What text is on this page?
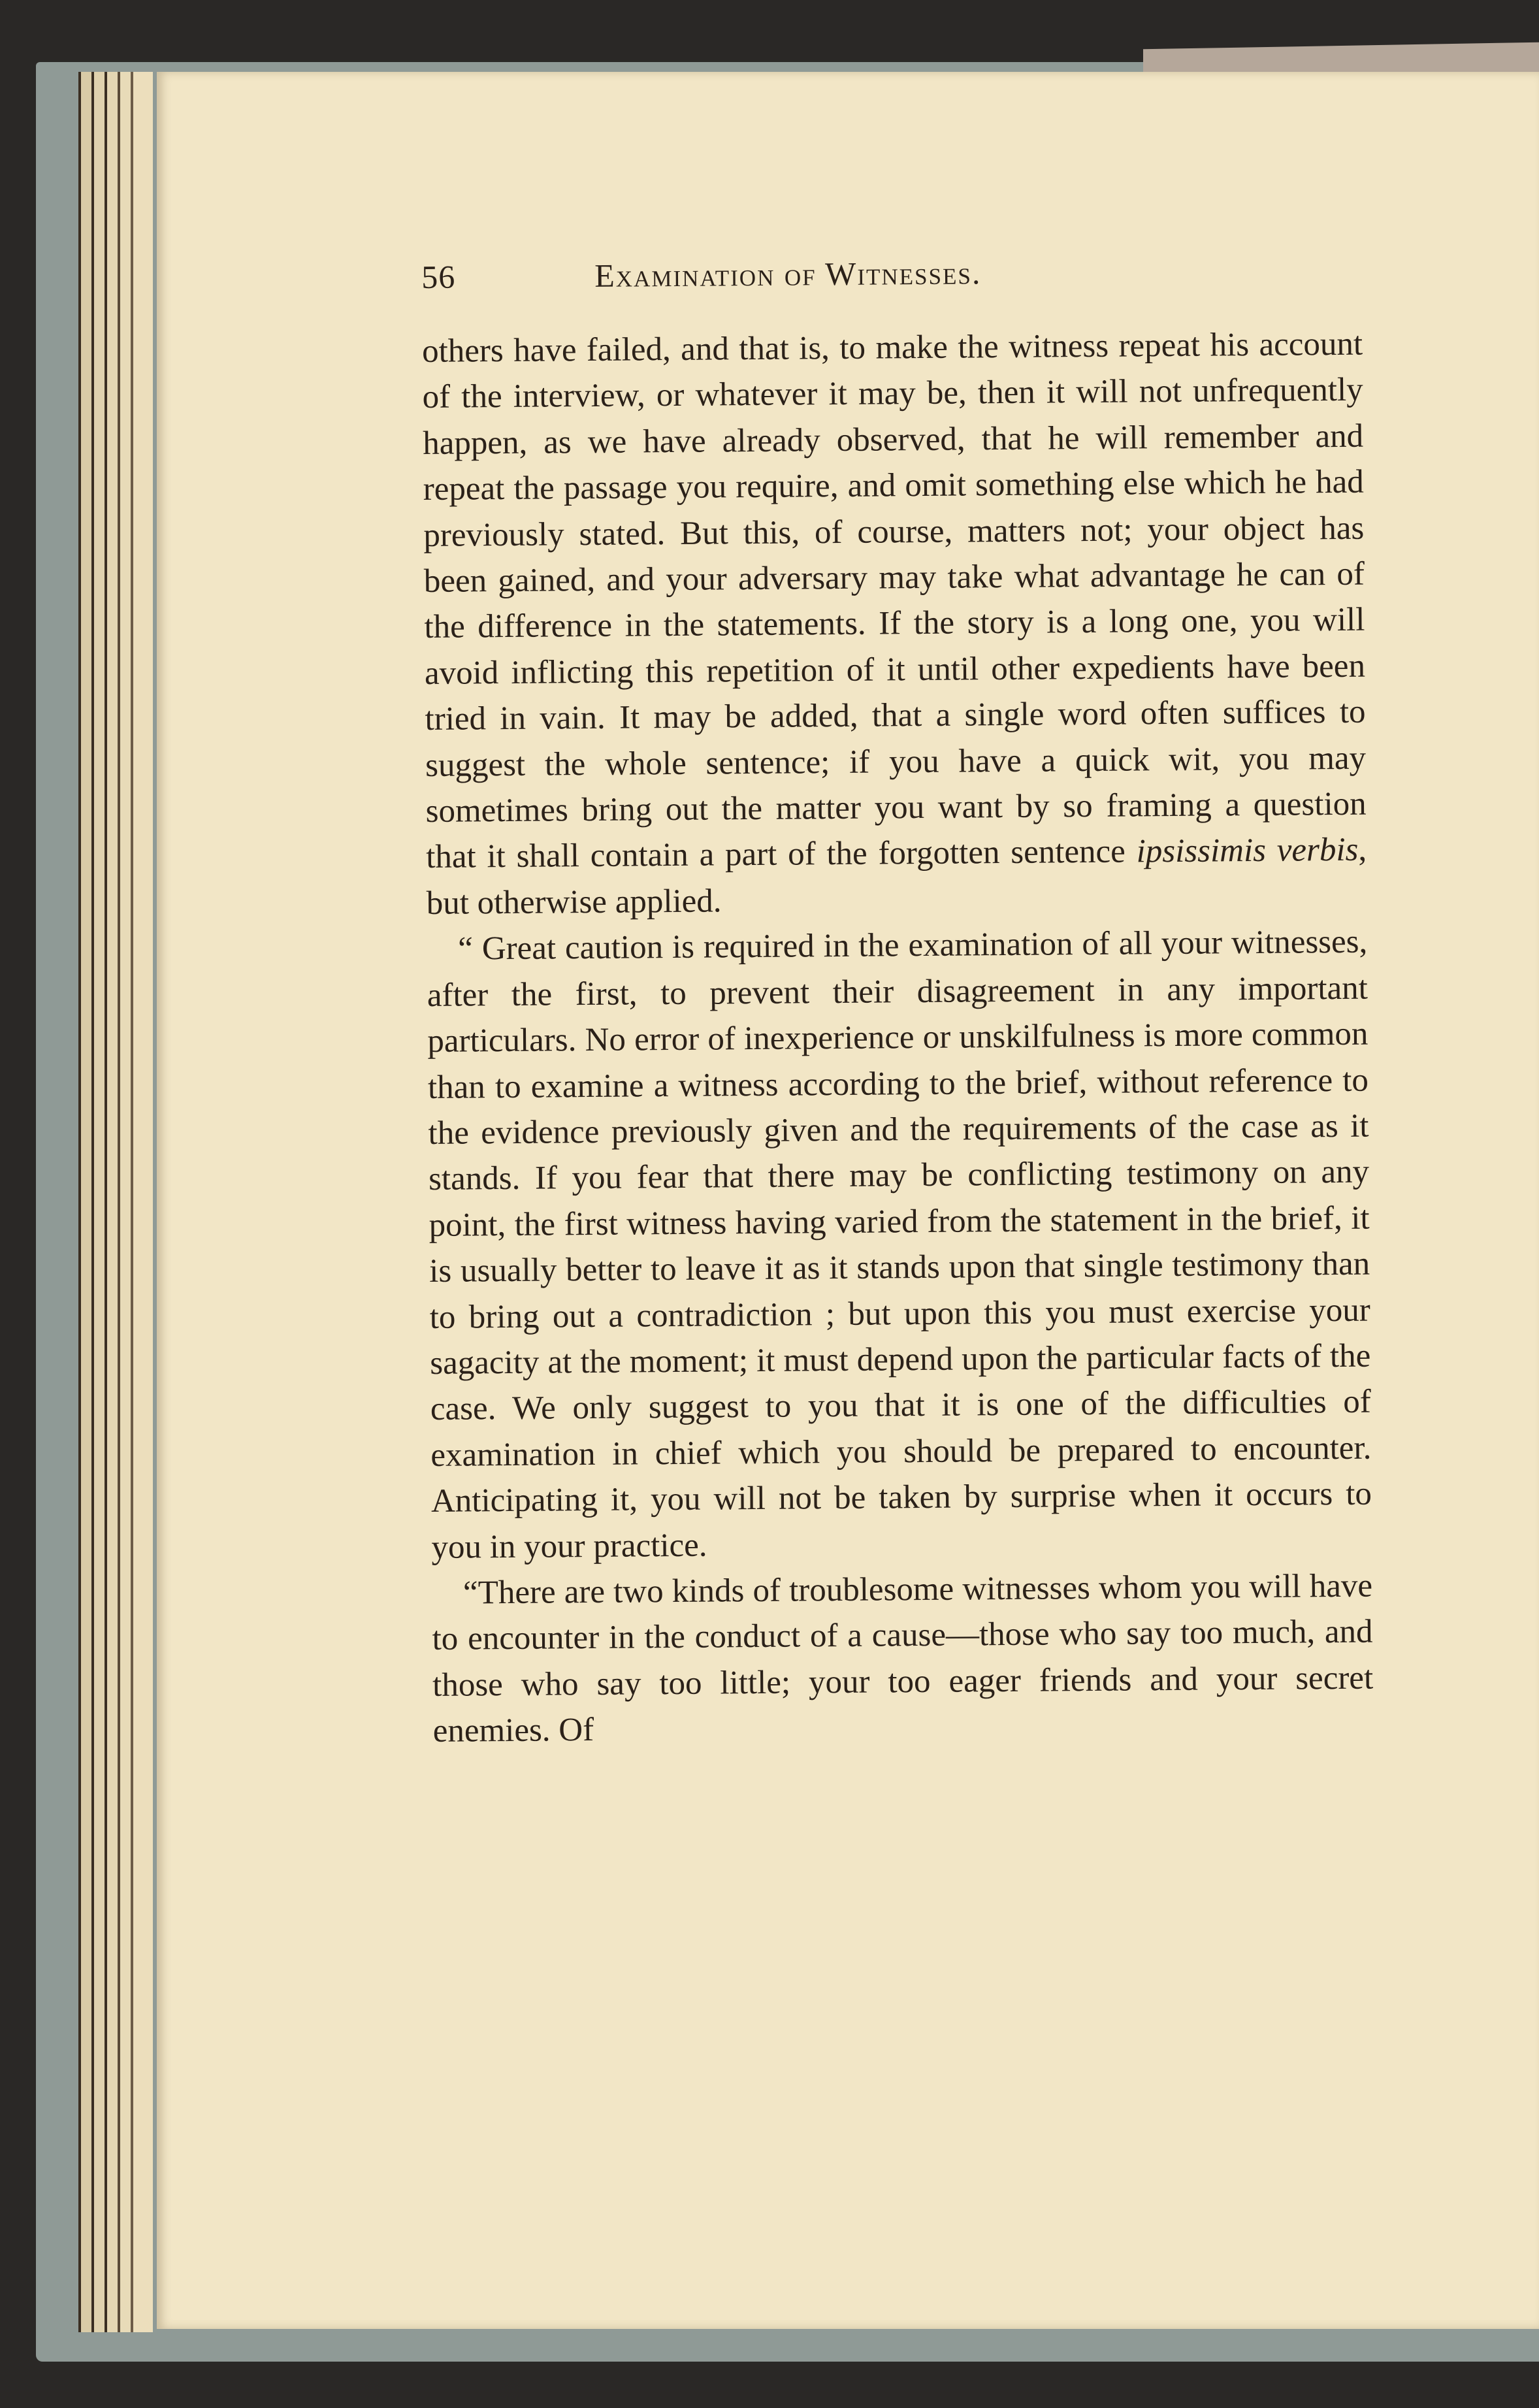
56	Examination of Witnesses.

others have failed, and that is, to make the witness repeat his account of the interview, or whatever it may be, then it will not unfrequently happen, as we have already observed, that he will remember and repeat the passage you require, and omit something else which he had previously stated. But this, of course, matters not; your object has been gained, and your adversary may take what advantage he can of the difference in the statements. If the story is a long one, you will avoid inflicting this repetition of it until other expedients have been tried in vain. It may be added, that a single word often suffices to suggest the whole sentence; if you have a quick wit, you may sometimes bring out the matter you want by so framing a question that it shall contain a part of the forgotten sentence ipsissimis verbis, but otherwise applied.

“ Great caution is required in the examination of all your witnesses, after the first, to prevent their disagreement in any important particulars. No error of inexperience or unskilfulness is more common than to examine a witness according to the brief, without reference to the evidence previously given and the requirements of the case as it stands. If you fear that there may be conflicting testimony on any point, the first witness having varied from the statement in the brief, it is usually better to leave it as it stands upon that single testimony than to bring out a contradiction ; but upon this you must exercise your sagacity at the moment; it must depend upon the particular facts of the case. We only suggest to you that it is one of the difficulties of examination in chief which you should be prepared to encounter. Anticipating it, you will not be taken by surprise when it occurs to you in your practice.

“There are two kinds of troublesome witnesses whom you will have to encounter in the conduct of a cause—those who say too much, and those who say too little; your too eager friends and your secret enemies. Of
